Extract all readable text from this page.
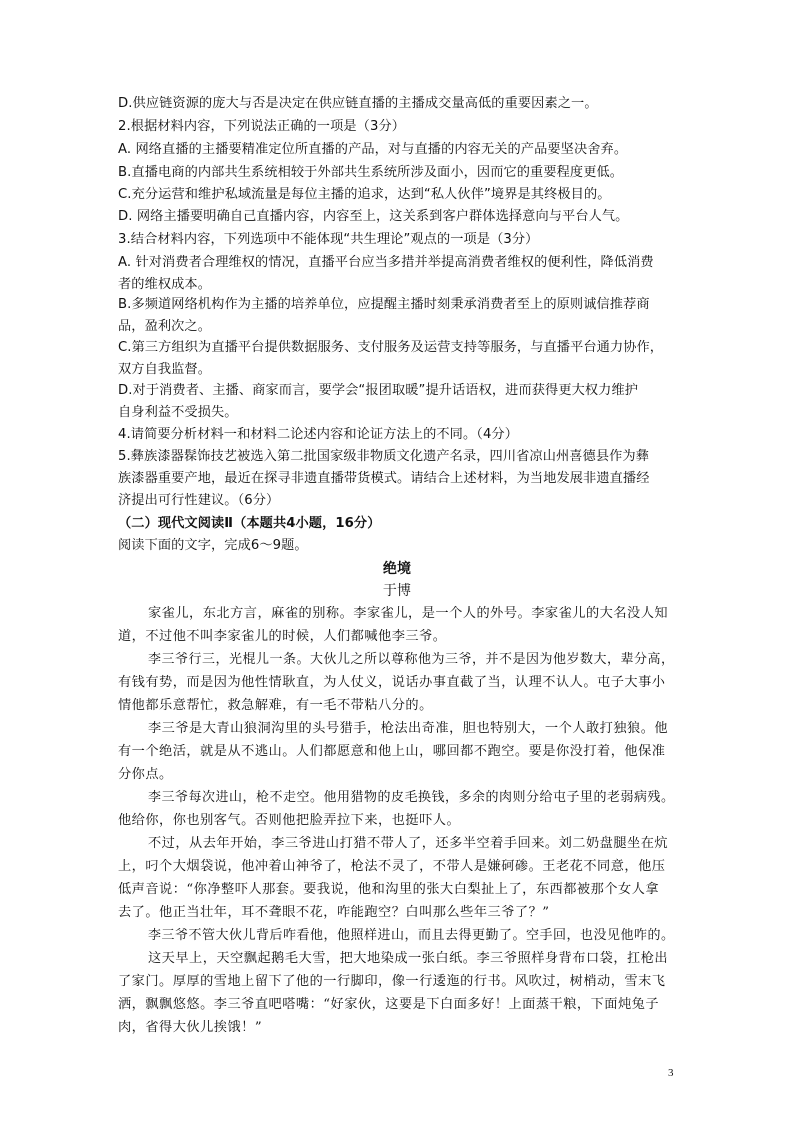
D.供应链资源的庞大与否是决定在供应链直播的主播成交量高低的重要因素之一。
2.根据材料内容，下列说法正确的一项是（3分）
A. 网络直播的主播要精准定位所直播的产品，对与直播的内容无关的产品要坚决舍弃。
B.直播电商的内部共生系统相较于外部共生系统所涉及面小，因而它的重要程度更低。
C.充分运营和维护私域流量是每位主播的追求，达到“私人伙伴”境界是其终极目的。
D. 网络主播要明确自己直播内容，内容至上，这关系到客户群体选择意向与平台人气。
3.结合材料内容，下列选项中不能体现“共生理论”观点的一项是（3分）
A. 针对消费者合理维权的情况，直播平台应当多措并举提高消费者维权的便利性，降低消费
者的维权成本。
B.多频道网络机构作为主播的培养单位，应提醒主播时刻秉承消费者至上的原则诚信推荐商
品，盈利次之。
C.第三方组织为直播平台提供数据服务、支付服务及运营支持等服务，与直播平台通力协作，
双方自我监督。
D.对于消费者、主播、商家而言，要学会“报团取暖”提升话语权，进而获得更大权力维护
自身利益不受损失。
4.请简要分析材料一和材料二论述内容和论证方法上的不同。（4分）
5.彝族漆器髹饰技艺被选入第二批国家级非物质文化遗产名录，四川省凉山州喜德县作为彝
族漆器重要产地，最近在探寻非遗直播带货模式。请结合上述材料，为当地发展非遗直播经
济提出可行性建议。（6分）
（二）现代文阅读Ⅱ（本题共4小题，16分）
阅读下面的文字，完成6～9题。
绝境
于博
家雀儿，东北方言，麻雀的别称。李家雀儿，是一个人的外号。李家雀儿的大名没人知
道，不过他不叫李家雀儿的时候，人们都喊他李三爷。
李三爷行三，光棍儿一条。大伙儿之所以尊称他为三爷，并不是因为他岁数大，辈分高，
有钱有势，而是因为他性情耿直，为人仗义，说话办事直截了当，认理不认人。屯子大事小
情他都乐意帮忙，救急解难，有一毛不带粘八分的。
李三爷是大青山狼洞沟里的头号猎手，枪法出奇准，胆也特别大，一个人敢打独狼。他
有一个绝活，就是从不逃山。人们都愿意和他上山，哪回都不跑空。要是你没打着，他保准
分你点。
李三爷每次进山，枪不走空。他用猎物的皮毛换钱，多余的肉则分给屯子里的老弱病残。
他给你，你也别客气。否则他把脸弄拉下来，也挺吓人。
不过，从去年开始，李三爷进山打猎不带人了，还多半空着手回来。刘二奶盘腿坐在炕
上，叼个大烟袋说，他冲着山神爷了，枪法不灵了，不带人是嫌砢碜。王老花不同意，他压
低声音说：“你净整吓人那套。要我说，他和沟里的张大白梨扯上了，东西都被那个女人拿
去了。他正当壮年，耳不聋眼不花，咋能跑空？白叫那么些年三爷了？”
李三爷不管大伙儿背后咋看他，他照样进山，而且去得更勤了。空手回，也没见他咋的。
这天早上，天空飘起鹅毛大雪，把大地染成一张白纸。李三爷照样身背布口袋，扛枪出
了家门。厚厚的雪地上留下了他的一行脚印，像一行逶迤的行书。风吹过，树梢动，雪末飞
洒，飘飘悠悠。李三爷直吧嗒嘴：“好家伙，这要是下白面多好！上面蒸干粮，下面炖兔子
肉，省得大伙儿挨饿！”
3
